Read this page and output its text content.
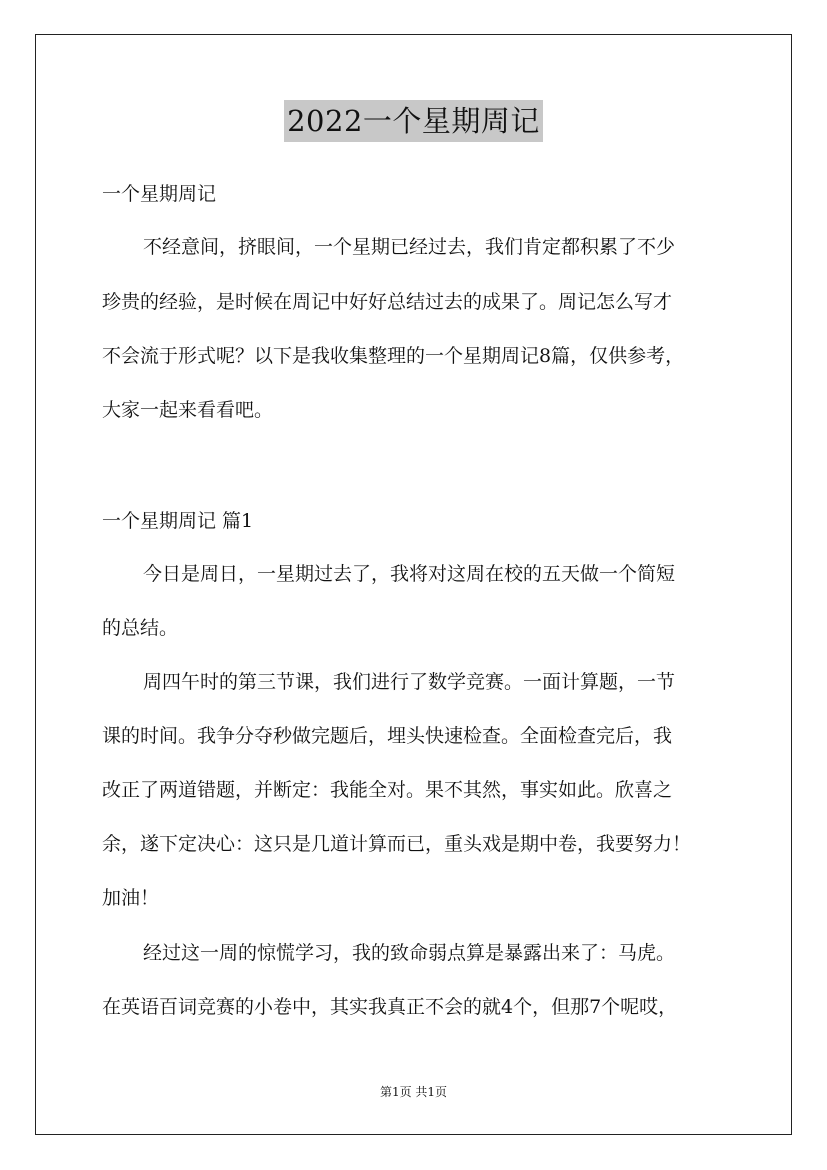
2022一个星期周记
一个星期周记
不经意间，挤眼间，一个星期已经过去，我们肯定都积累了不少
珍贵的经验，是时候在周记中好好总结过去的成果了。周记怎么写才
不会流于形式呢？以下是我收集整理的一个星期周记8篇，仅供参考，
大家一起来看看吧。
一个星期周记 篇1
今日是周日，一星期过去了，我将对这周在校的五天做一个简短
的总结。
周四午时的第三节课，我们进行了数学竞赛。一面计算题，一节
课的时间。我争分夺秒做完题后，埋头快速检查。全面检查完后，我
改正了两道错题，并断定：我能全对。果不其然，事实如此。欣喜之
余，遂下定决心：这只是几道计算而已，重头戏是期中卷，我要努力！
加油！
经过这一周的惊慌学习，我的致命弱点算是暴露出来了：马虎。
在英语百词竞赛的小卷中，其实我真正不会的就4个，但那7个呢哎，
第1页 共1页
